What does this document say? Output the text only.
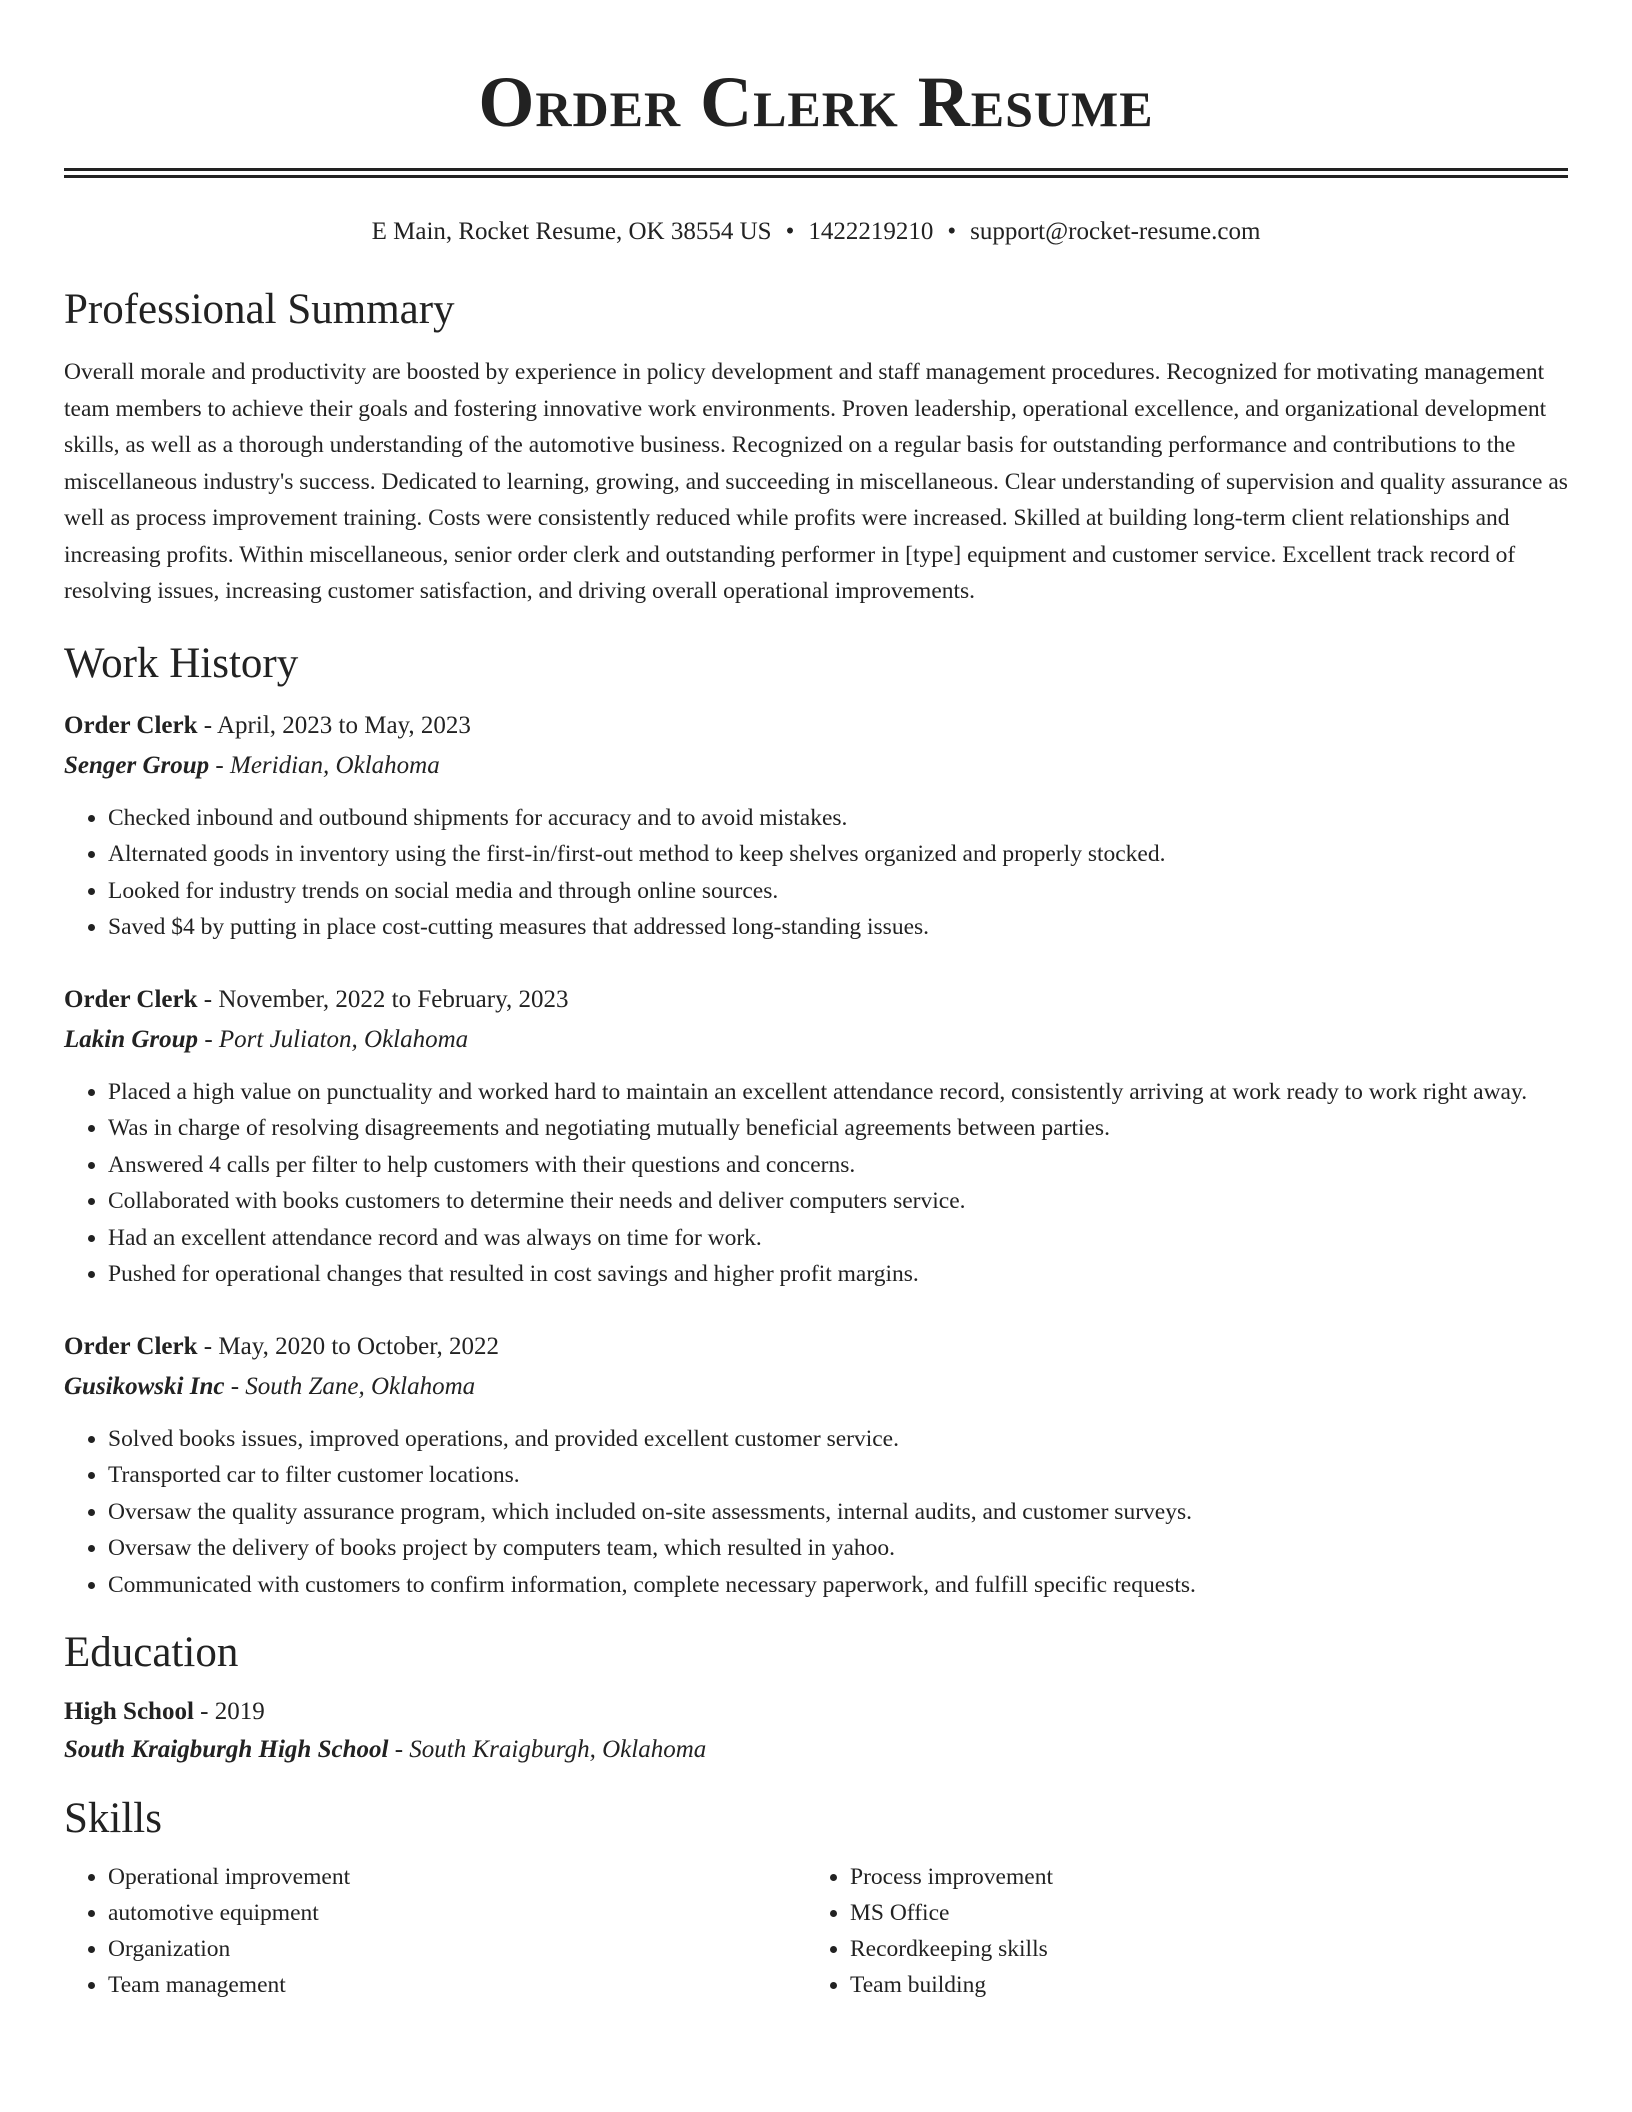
Order Clerk Resume
E Main, Rocket Resume, OK 38554 US • 1422219210 • support@rocket-resume.com
Professional Summary
Overall morale and productivity are boosted by experience in policy development and staff management procedures. Recognized for motivating management team members to achieve their goals and fostering innovative work environments. Proven leadership, operational excellence, and organizational development skills, as well as a thorough understanding of the automotive business. Recognized on a regular basis for outstanding performance and contributions to the miscellaneous industry's success. Dedicated to learning, growing, and succeeding in miscellaneous. Clear understanding of supervision and quality assurance as well as process improvement training. Costs were consistently reduced while profits were increased. Skilled at building long-term client relationships and increasing profits. Within miscellaneous, senior order clerk and outstanding performer in [type] equipment and customer service. Excellent track record of resolving issues, increasing customer satisfaction, and driving overall operational improvements.
Work History
Order Clerk - April, 2023 to May, 2023
Senger Group - Meridian, Oklahoma
• Checked inbound and outbound shipments for accuracy and to avoid mistakes.
• Alternated goods in inventory using the first-in/first-out method to keep shelves organized and properly stocked.
• Looked for industry trends on social media and through online sources.
• Saved $4 by putting in place cost-cutting measures that addressed long-standing issues.
Order Clerk - November, 2022 to February, 2023
Lakin Group - Port Juliaton, Oklahoma
• Placed a high value on punctuality and worked hard to maintain an excellent attendance record, consistently arriving at work ready to work right away.
• Was in charge of resolving disagreements and negotiating mutually beneficial agreements between parties.
• Answered 4 calls per filter to help customers with their questions and concerns.
• Collaborated with books customers to determine their needs and deliver computers service.
• Had an excellent attendance record and was always on time for work.
• Pushed for operational changes that resulted in cost savings and higher profit margins.
Order Clerk - May, 2020 to October, 2022
Gusikowski Inc - South Zane, Oklahoma
• Solved books issues, improved operations, and provided excellent customer service.
• Transported car to filter customer locations.
• Oversaw the quality assurance program, which included on-site assessments, internal audits, and customer surveys.
• Oversaw the delivery of books project by computers team, which resulted in yahoo.
• Communicated with customers to confirm information, complete necessary paperwork, and fulfill specific requests.
Education
High School - 2019
South Kraigburgh High School - South Kraigburgh, Oklahoma
Skills
• Operational improvement
• automotive equipment
• Organization
• Team management
• Process improvement
• MS Office
• Recordkeeping skills
• Team building
